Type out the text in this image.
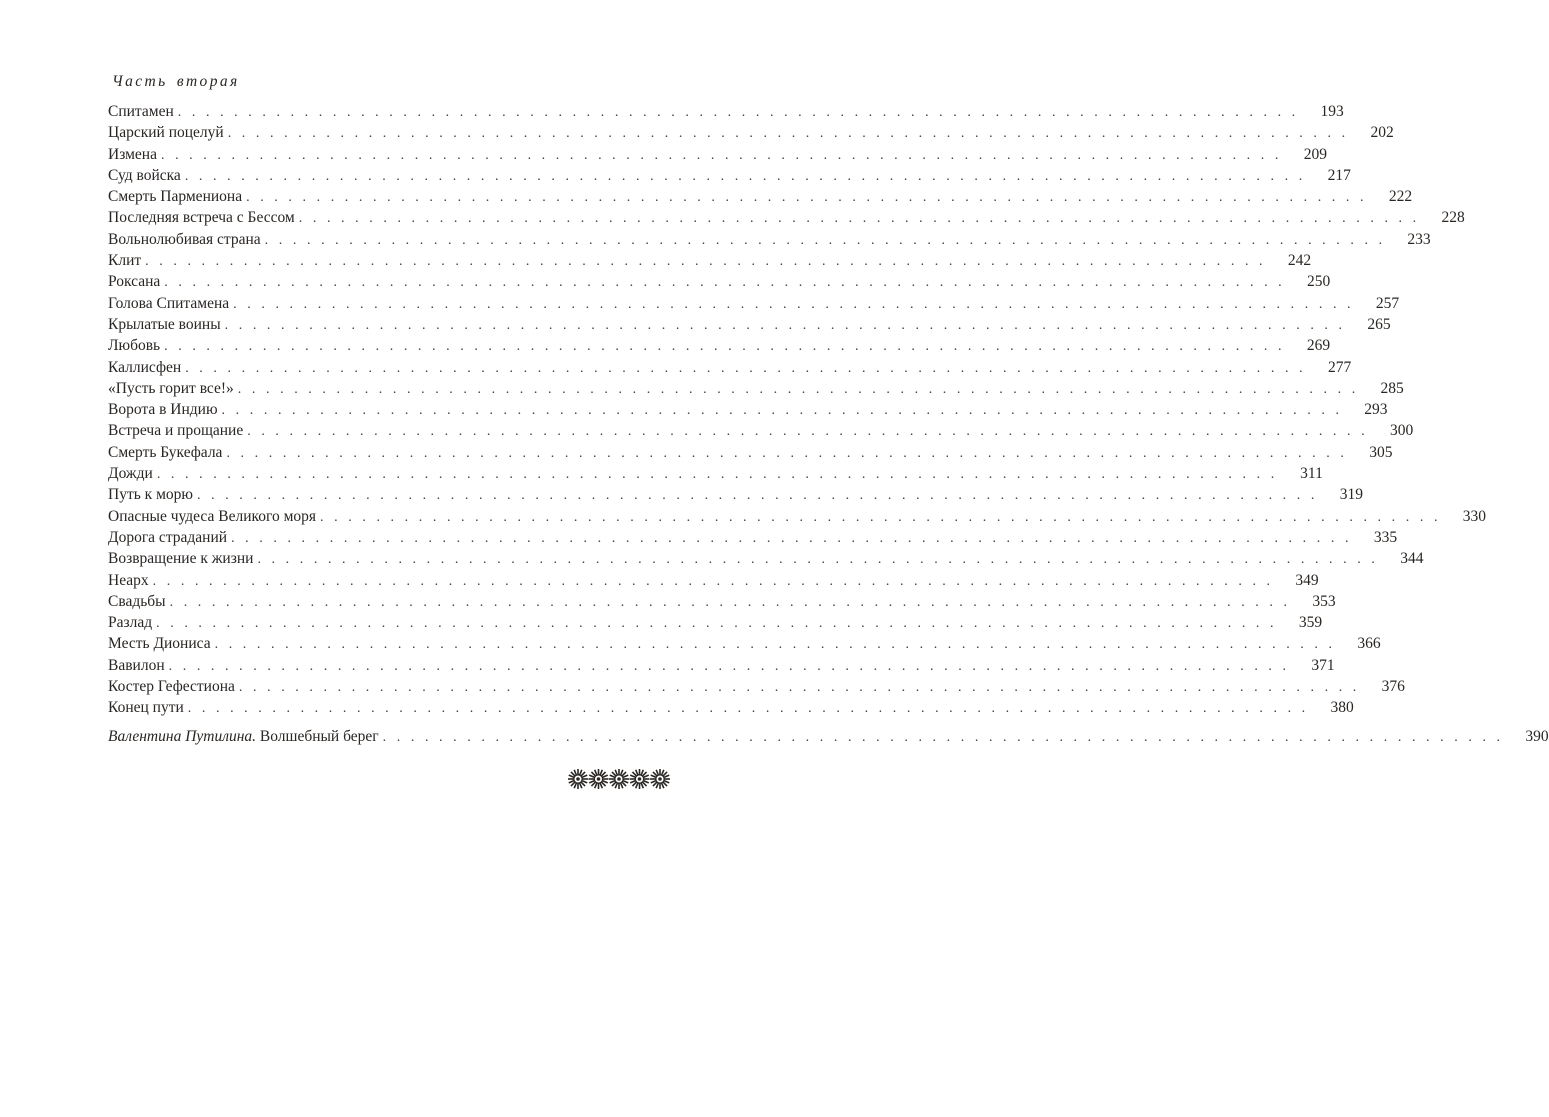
Часть вторая
Спитамен ................................................................................ 193
Царский поцелуй ................................................................................ 202
Измена ................................................................................ 209
Суд войска ................................................................................ 217
Смерть Пармениона ................................................................................ 222
Последняя встреча с Бессом ................................................................................ 228
Вольнолюбивая страна ................................................................................ 233
Клит ................................................................................ 242
Роксана ................................................................................ 250
Голова Спитамена ................................................................................ 257
Крылатые воины ................................................................................ 265
Любовь ................................................................................ 269
Каллисфен ................................................................................ 277
«Пусть горит все!» ................................................................................ 285
Ворота в Индию ................................................................................ 293
Встреча и прощание ................................................................................ 300
Смерть Букефала ................................................................................ 305
Дожди ................................................................................ 311
Путь к морю ................................................................................ 319
Опасные чудеса Великого моря ................................................................................ 330
Дорога страданий ................................................................................ 335
Возвращение к жизни ................................................................................ 344
Неарх ................................................................................ 349
Свадьбы ................................................................................ 353
Разлад ................................................................................ 359
Месть Диониса ................................................................................ 366
Вавилон ................................................................................ 371
Костер Гефестиона ................................................................................ 376
Конец пути ................................................................................ 380
Валентина Путилина. Волшебный берег ................................................................................ 390
